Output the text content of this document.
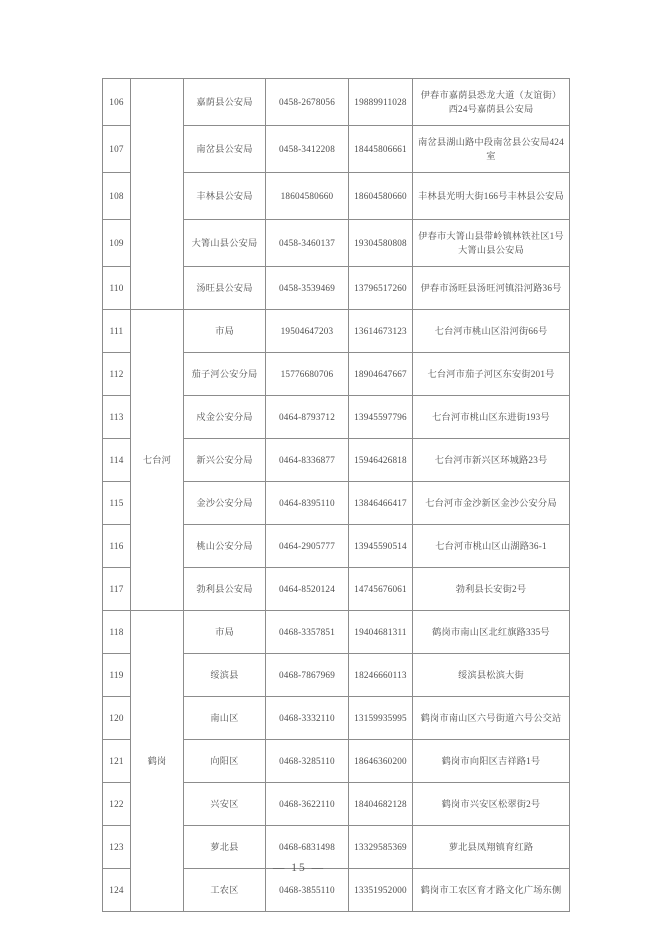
106		嘉荫县公安局	0458-2678056	19889911028	伊春市嘉荫县恐龙大道（友谊街）西24号嘉荫县公安局
107		南岔县公安局	0458-3412208	18445806661	南岔县湖山路中段南岔县公安局424室
108		丰林县公安局	18604580660	18604580660	丰林县光明大街166号丰林县公安局
109		大箐山县公安局	0458-3460137	19304580808	伊春市大箐山县带岭镇林铁社区1号大箐山县公安局
110		汤旺县公安局	0458-3539469	13796517260	伊春市汤旺县汤旺河镇沿河路36号
111	七台河	市局	19504647203	13614673123	七台河市桃山区沿河街66号
112		茄子河公安分局	15776680706	18904647667	七台河市茄子河区东安街201号
113		戍金公安分局	0464-8793712	13945597796	七台河市桃山区东进街193号
114		新兴公安分局	0464-8336877	15946426818	七台河市新兴区环城路23号
115		金沙公安分局	0464-8395110	13846466417	七台河市金沙新区金沙公安分局
116		桃山公安分局	0464-2905777	13945590514	七台河市桃山区山湖路36-1
117		勃利县公安局	0464-8520124	14745676061	勃利县长安街2号
118	鹤岗	市局	0468-3357851	19404681311	鹤岗市南山区北红旗路335号
119		绥滨县	0468-7867969	18246660113	绥滨县松滨大街
120		南山区	0468-3332110	13159935995	鹤岗市南山区六号街道六号公交站
121		向阳区	0468-3285110	18646360200	鹤岗市向阳区吉祥路1号
122		兴安区	0468-3622110	18404682128	鹤岗市兴安区松翠街2号
123		萝北县	0468-6831498	13329585369	萝北县凤翔镇育红路
124		工农区	0468-3855110	13351952000	鹤岗市工农区育才路文化广场东侧
— 15 —
